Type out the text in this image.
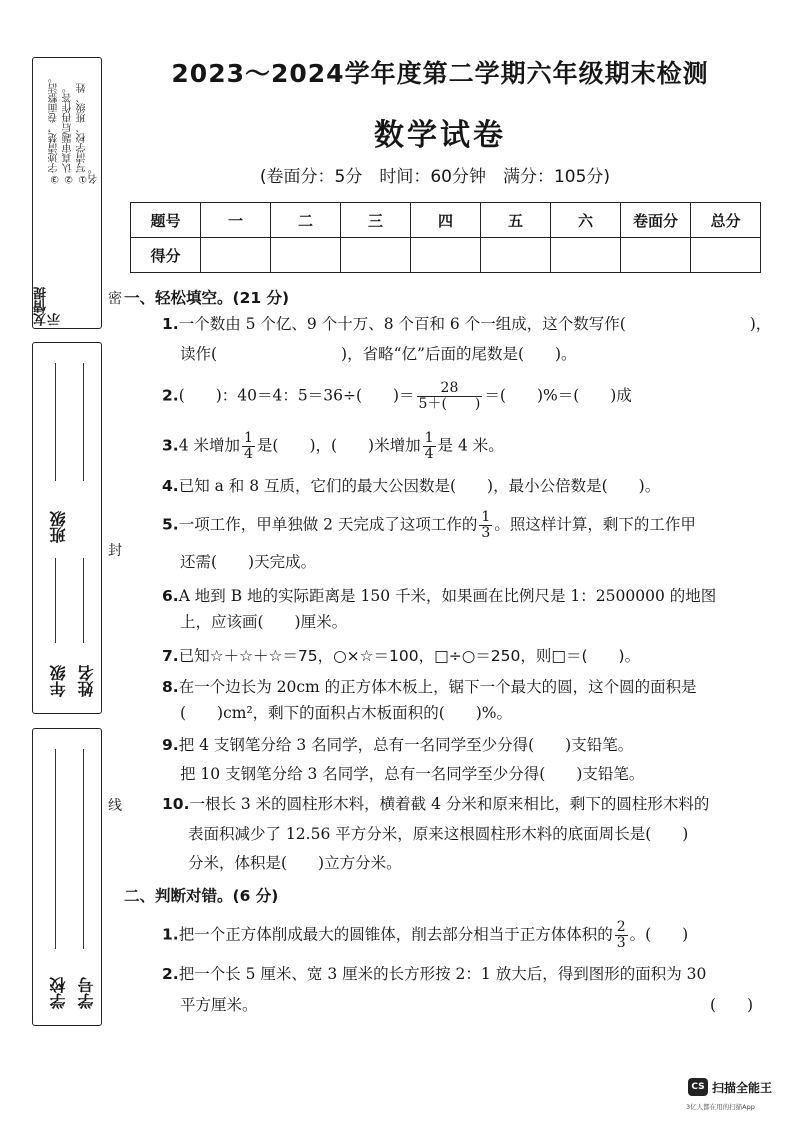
2023～2024学年度第二学期六年级期末检测
数学试卷
(卷面分：5分　时间：60分钟　满分：105分)
题号	一	二	三	四	五	六	卷面分	总分
得分								
①写清学校、班级、姓名。
②认真审题后再作答。
③字迹清楚，卷面整洁。
友情提示
班级
年级 姓名
学校 学号
密
封
线
一、轻松填空。(21 分)
1.一个数由 5 个亿、9 个十万、8 个百和 6 个一组成，这个数写作(　　　　　　　　)，
读作(　　　　　　　　)，省略“亿”后面的尾数是(　　)。
2.(　　)：40＝4：5＝36÷(　　)＝ $\frac{28}{5+( )}$ ＝(　　)%＝(　　)成
3.4 米增加 $\frac{1}{4}$ 是(　　)，(　　)米增加 $\frac{1}{4}$ 是 4 米。
4.已知 a 和 8 互质，它们的最大公因数是(　　)，最小公倍数是(　　)。
5.一项工作，甲单独做 2 天完成了这项工作的 $\frac{1}{3}$ 。照这样计算，剩下的工作甲
还需(　　)天完成。
6.A 地到 B 地的实际距离是 150 千米，如果画在比例尺是 1：2500000 的地图
上，应该画(　　)厘米。
7.已知☆＋☆＋☆＝75，○×☆＝100，□÷○＝250，则□＝(　　)。
8.在一个边长为 20cm 的正方体木板上，锯下一个最大的圆，这个圆的面积是
(　　)cm²，剩下的面积占木板面积的(　　)%。
9.把 4 支钢笔分给 3 名同学，总有一名同学至少分得(　　)支铅笔。
把 10 支钢笔分给 3 名同学，总有一名同学至少分得(　　)支铅笔。
10.一根长 3 米的圆柱形木料，横着截 4 分米和原来相比，剩下的圆柱形木料的
表面积减少了 12.56 平方分米，原来这根圆柱形木料的底面周长是(　　)
分米，体积是(　　)立方分米。
二、判断对错。(6 分)
1.把一个正方体削成最大的圆锥体，削去部分相当于正方体体积的 $\frac{2}{3}$ 。(　　)
2.把一个长 5 厘米、宽 3 厘米的长方形按 2：1 放大后，得到图形的面积为 30
平方厘米。	(　　)
CS 扫描全能王
3亿人都在用的扫描App
